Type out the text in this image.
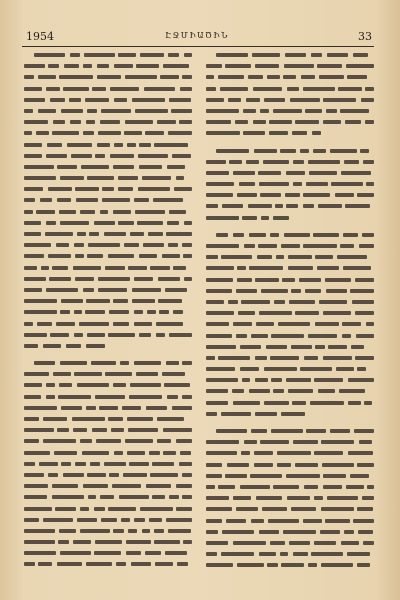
1954	ԷՋՄԻԱԾԻՆ	33
